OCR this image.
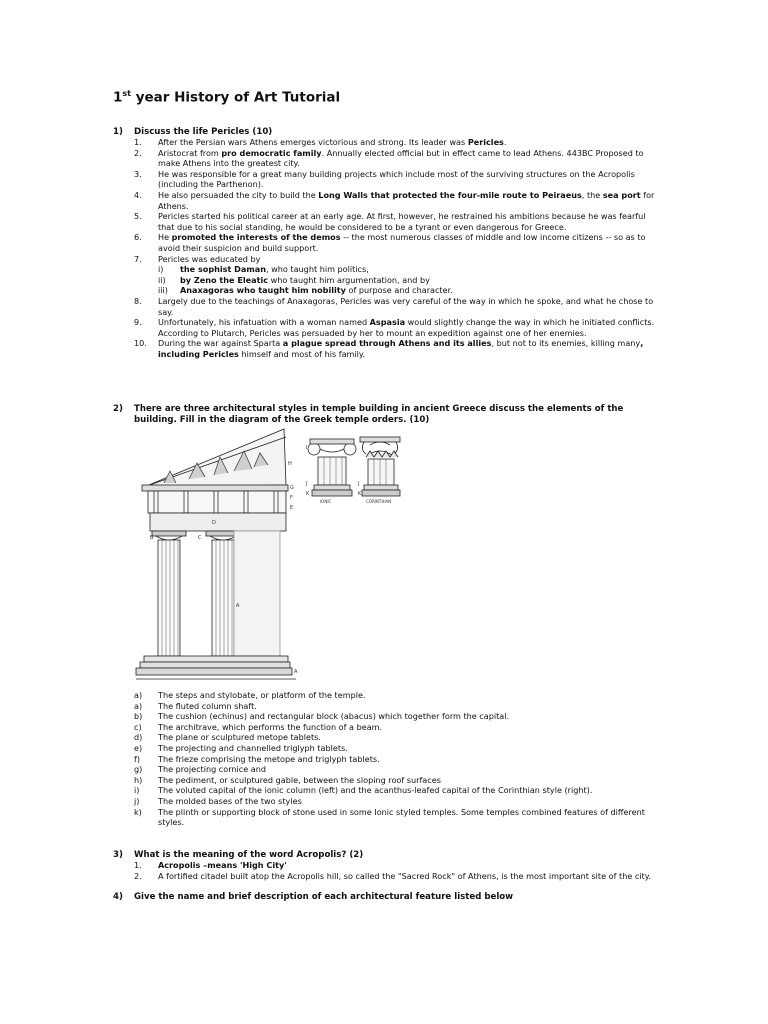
1st year History of Art Tutorial
1) Discuss the life Pericles (10)
1. After the Persian wars Athens emerges victorious and strong. Its leader was Pericles.
2. Aristocrat from pro democratic family. Annually elected official but in effect came to lead Athens. 443BC Proposed to make Athens into the greatest city.
3. He was responsible for a great many building projects which include most of the surviving structures on the Acropolis (including the Parthenon).
4. He also persuaded the city to build the Long Walls that protected the four-mile route to Peiraeus, the sea port for Athens.
5. Pericles started his political career at an early age. At first, however, he restrained his ambitions because he was fearful that due to his social standing, he would be considered to be a tyrant or even dangerous for Greece.
6. He promoted the interests of the demos -- the most numerous classes of middle and low income citizens -- so as to avoid their suspicion and build support.
7. Pericles was educated by
i) the sophist Daman, who taught him politics,
ii) by Zeno the Eleatic who taught him argumentation, and by
iii) Anaxagoras who taught him nobility of purpose and character.
8. Largely due to the teachings of Anaxagoras, Pericles was very careful of the way in which he spoke, and what he chose to say.
9. Unfortunately, his infatuation with a woman named Aspasia would slightly change the way in which he initiated conflicts. According to Plutarch, Pericles was persuaded by her to mount an expedition against one of her enemies.
10. During the war against Sparta a plague spread through Athens and its allies, but not to its enemies, killing many, including Pericles himself and most of his family.
2) There are three architectural styles in temple building in ancient Greece discuss the elements of the building. Fill in the diagram of the Greek temple orders. (10)
I
H
G
F
E
D
C
B
A
A
I
J
K	K
J
IONIC	CORINTHIAN
a) The steps and stylobate, or platform of the temple.
a) The fluted column shaft.
b) The cushion (echinus) and rectangular block (abacus) which together form the capital.
c) The architrave, which performs the function of a beam.
d) The plane or sculptured metope tablets.
e) The projecting and channelled triglyph tablets.
f) The frieze comprising the metope and triglyph tablets.
g) The projecting cornice and
h) The pediment, or sculptured gable, between the sloping roof surfaces
i) The voluted capital of the ionic column (left) and the acanthus-leafed capital of the Corinthian style (right).
j) The molded bases of the two styles
k) The plinth or supporting block of stone used in some Ionic styled temples. Some temples combined features of different styles.
3) What is the meaning of the word Acropolis? (2)
1. Acropolis –means 'High City'
2. A fortified citadel built atop the Acropolis hill, so called the "Sacred Rock" of Athens, is the most important site of the city.
4) Give the name and brief description of each architectural feature listed below
